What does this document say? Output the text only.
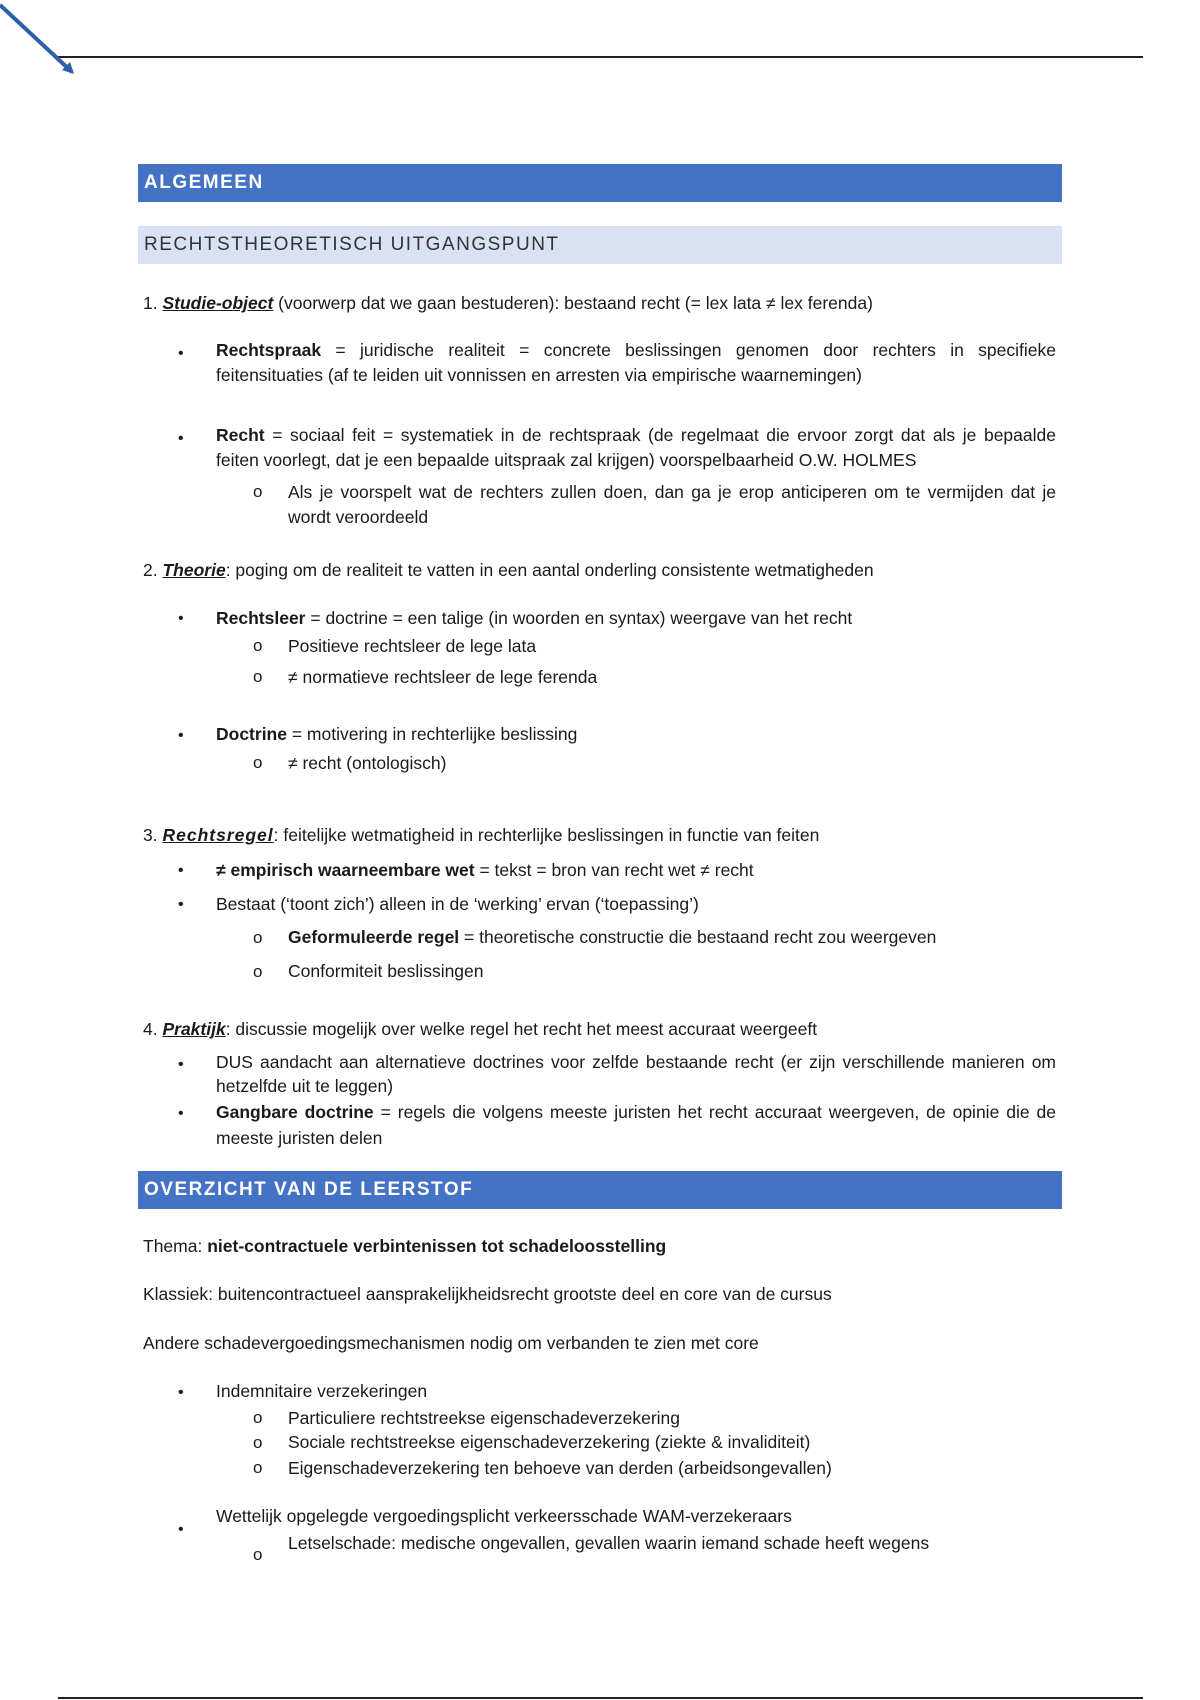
ALGEMEEN
RECHTSTHEORETISCH UITGANGSPUNT
1. Studie-object (voorwerp dat we gaan bestuderen): bestaand recht (= lex lata ≠ lex ferenda)
• Rechtspraak = juridische realiteit = concrete beslissingen genomen door rechters in specifieke feitensituaties (af te leiden uit vonnissen en arresten via empirische waarnemingen)
• Recht = sociaal feit = systematiek in de rechtspraak (de regelmaat die ervoor zorgt dat als je bepaalde feiten voorlegt, dat je een bepaalde uitspraak zal krijgen) voorspelbaarheid O.W. HOLMES
o Als je voorspelt wat de rechters zullen doen, dan ga je erop anticiperen om te vermijden dat je wordt veroordeeld
2. Theorie: poging om de realiteit te vatten in een aantal onderling consistente wetmatigheden
• Rechtsleer = doctrine = een talige (in woorden en syntax) weergave van het recht
o Positieve rechtsleer de lege lata
o ≠ normatieve rechtsleer de lege ferenda
• Doctrine = motivering in rechterlijke beslissing
o ≠ recht (ontologisch)
3. Rechtsregel: feitelijke wetmatigheid in rechterlijke beslissingen in functie van feiten
• ≠ empirisch waarneembare wet = tekst = bron van recht wet ≠ recht
• Bestaat (‘toont zich’) alleen in de ‘werking’ ervan (‘toepassing’)
o Geformuleerde regel = theoretische constructie die bestaand recht zou weergeven
o Conformiteit beslissingen
4. Praktijk: discussie mogelijk over welke regel het recht het meest accuraat weergeeft
• DUS aandacht aan alternatieve doctrines voor zelfde bestaande recht (er zijn verschillende manieren om hetzelfde uit te leggen)
• Gangbare doctrine = regels die volgens meeste juristen het recht accuraat weergeven, de opinie die de meeste juristen delen
OVERZICHT VAN DE LEERSTOF
Thema: niet-contractuele verbintenissen tot schadeloosstelling
Klassiek: buitencontractueel aansprakelijkheidsrecht grootste deel en core van de cursus
Andere schadevergoedingsmechanismen nodig om verbanden te zien met core
• Indemnitaire verzekeringen
o Particuliere rechtstreekse eigenschadeverzekering
o Sociale rechtstreekse eigenschadeverzekering (ziekte & invaliditeit)
o Eigenschadeverzekering ten behoeve van derden (arbeidsongevallen)
•
Wettelijk opgelegde vergoedingsplicht verkeersschade WAM-verzekeraars
o
Letselschade: medische ongevallen, gevallen waarin iemand schade heeft wegens
